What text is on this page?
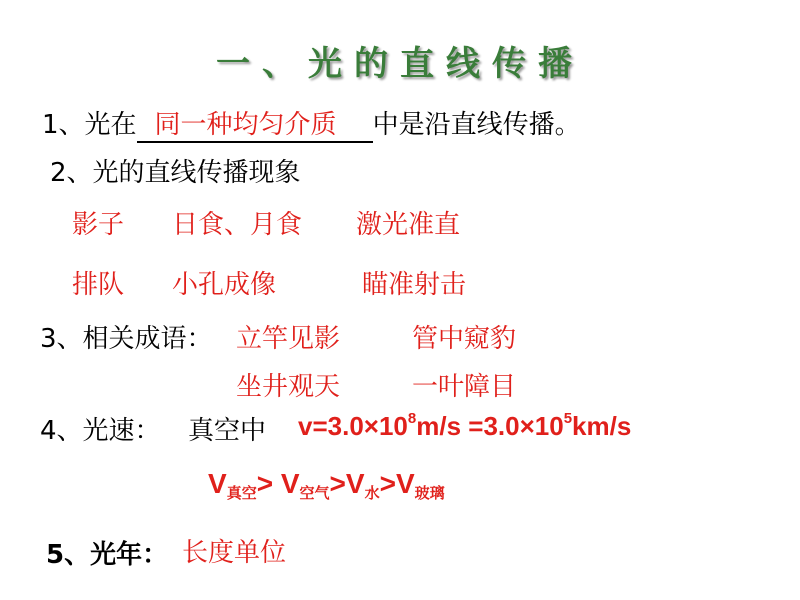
一、光的直线传播
1、光在 同一种均匀介质 中是沿直线传播。
2、光的直线传播现象
影子 日食、月食 激光准直
排队 小孔成像	瞄准射击
3、相关成语： 立竿见影	管中窥豹
坐井观天	一叶障目
4、光速： 真空中 $v=3.0\times 10^8m/s =3.0\times 10^5km/s$
$V_{真空}> V_{空气}>V_水>V_{玻璃}$
5、光年： 长度单位
